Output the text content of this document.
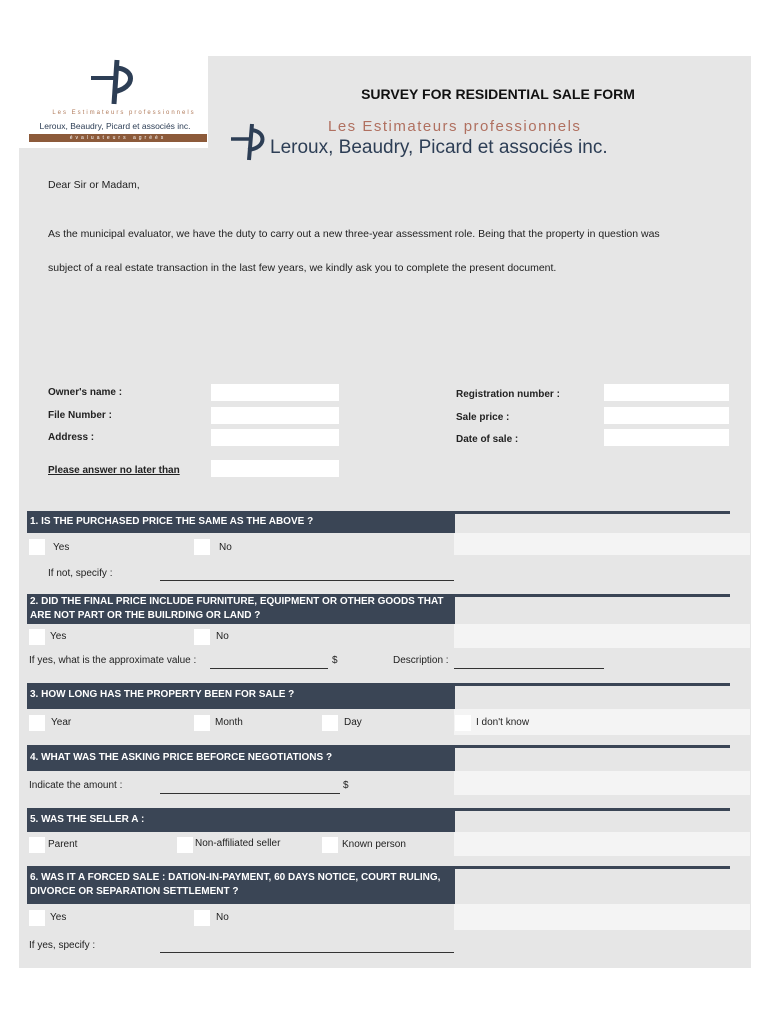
Les Estimateurs professionnels
Leroux, Beaudry, Picard et associés inc.
évaluateurs agréés
SURVEY FOR RESIDENTIAL SALE FORM
Les Estimateurs professionnels
Leroux, Beaudry, Picard et associés inc.
Dear Sir or Madam,
As the municipal evaluator, we have the duty to carry out a new three-year assessment role. Being that the property in question was
subject of a real estate transaction in the last few years, we kindly ask you to complete the present document.
Owner's name :
File Number :
Address :
Please answer no later than
Registration number :
Sale price :
Date of sale :
1. IS THE PURCHASED PRICE THE SAME AS THE ABOVE ?
Yes	No
If not, specify :
2. DID THE FINAL PRICE INCLUDE FURNITURE, EQUIPMENT OR OTHER GOODS THAT ARE NOT PART OR THE BUILRDING OR LAND ?
Yes	No
If yes, what is the approximate value :	$	Description :
3. HOW LONG HAS THE PROPERTY BEEN FOR SALE ?
Year	Month	Day	I don't know
4. WHAT WAS THE ASKING PRICE BEFORCE NEGOTIATIONS ?
Indicate the amount :	$
5. WAS THE SELLER A :
Parent	Non-affiliated seller	Known person
6. WAS IT A FORCED SALE : DATION-IN-PAYMENT, 60 DAYS NOTICE, COURT RULING, DIVORCE OR SEPARATION SETTLEMENT ?
Yes	No
If yes, specify :
